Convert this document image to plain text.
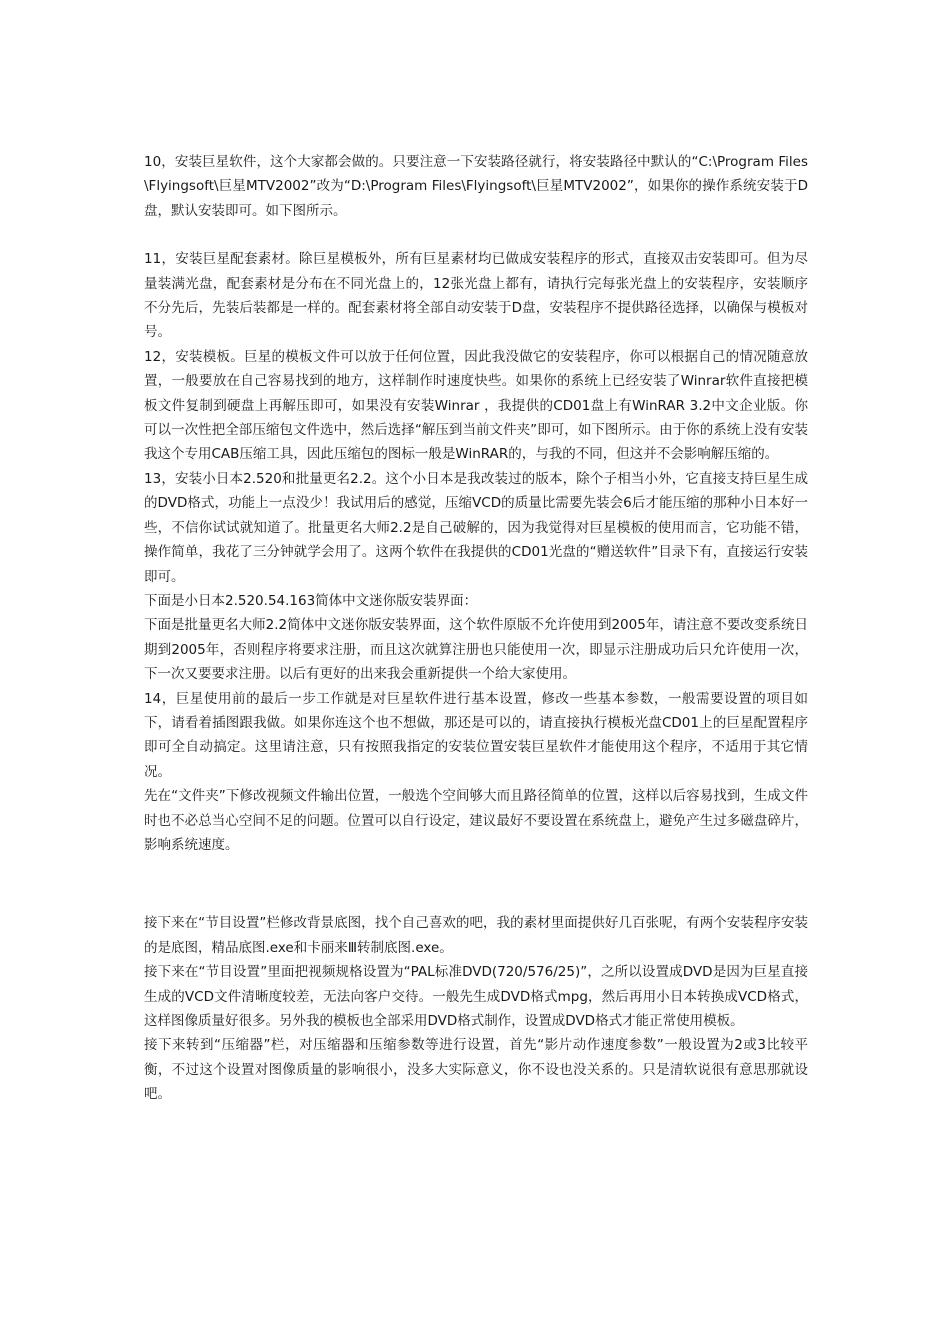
10，安装巨星软件，这个大家都会做的。只要注意一下安装路径就行，将安装路径中默认的“C:\Program Files\Flyingsoft\巨星MTV2002”改为“D:\Program Files\Flyingsoft\巨星MTV2002”，如果你的操作系统安装于D盘，默认安装即可。如下图所示。

11，安装巨星配套素材。除巨星模板外，所有巨星素材均已做成安装程序的形式，直接双击安装即可。但为尽量装满光盘，配套素材是分布在不同光盘上的，12张光盘上都有，请执行完每张光盘上的安装程序，安装顺序不分先后，先装后装都是一样的。配套素材将全部自动安装于D盘，安装程序不提供路径选择，以确保与模板对号。

12，安装模板。巨星的模板文件可以放于任何位置，因此我没做它的安装程序，你可以根据自己的情况随意放置，一般要放在自己容易找到的地方，这样制作时速度快些。如果你的系统上已经安装了Winrar软件直接把模板文件复制到硬盘上再解压即可，如果没有安装Winrar ，我提供的CD01盘上有WinRAR 3.2中文企业版。你可以一次性把全部压缩包文件选中，然后选择“解压到当前文件夹”即可，如下图所示。由于你的系统上没有安装我这个专用CAB压缩工具，因此压缩包的图标一般是WinRAR的，与我的不同，但这并不会影响解压缩的。

13，安装小日本2.520和批量更名2.2。这个小日本是我改装过的版本，除个子相当小外，它直接支持巨星生成的DVD格式，功能上一点没少！我试用后的感觉，压缩VCD的质量比需要先装会6后才能压缩的那种小日本好一些，不信你试试就知道了。批量更名大师2.2是自己破解的，因为我觉得对巨星模板的使用而言，它功能不错，操作简单，我花了三分钟就学会用了。这两个软件在我提供的CD01光盘的“赠送软件”目录下有，直接运行安装即可。

下面是小日本2.520.54.163简体中文迷你版安装界面：

下面是批量更名大师2.2简体中文迷你版安装界面，这个软件原版不允许使用到2005年，请注意不要改变系统日期到2005年，否则程序将要求注册，而且这次就算注册也只能使用一次，即显示注册成功后只允许使用一次，下一次又要要求注册。以后有更好的出来我会重新提供一个给大家使用。

14，巨星使用前的最后一步工作就是对巨星软件进行基本设置，修改一些基本参数，一般需要设置的项目如下，请看着插图跟我做。如果你连这个也不想做，那还是可以的，请直接执行模板光盘CD01上的巨星配置程序即可全自动搞定。这里请注意，只有按照我指定的安装位置安装巨星软件才能使用这个程序，不适用于其它情况。

先在“文件夹”下修改视频文件输出位置，一般选个空间够大而且路径简单的位置，这样以后容易找到，生成文件时也不必总当心空间不足的问题。位置可以自行设定，建议最好不要设置在系统盘上，避免产生过多磁盘碎片，影响系统速度。

接下来在“节目设置”栏修改背景底图，找个自己喜欢的吧，我的素材里面提供好几百张呢，有两个安装程序安装的是底图，精品底图.exe和卡丽来Ⅲ转制底图.exe。

接下来在“节目设置”里面把视频规格设置为“PAL标准DVD(720/576/25)”，之所以设置成DVD是因为巨星直接生成的VCD文件清晰度较差，无法向客户交待。一般先生成DVD格式mpg，然后再用小日本转换成VCD格式，这样图像质量好很多。另外我的模板也全部采用DVD格式制作，设置成DVD格式才能正常使用模板。

接下来转到“压缩器”栏，对压缩器和压缩参数等进行设置，首先“影片动作速度参数”一般设置为2或3比较平衡，不过这个设置对图像质量的影响很小，没多大实际意义，你不设也没关系的。只是清软说很有意思那就设吧。
